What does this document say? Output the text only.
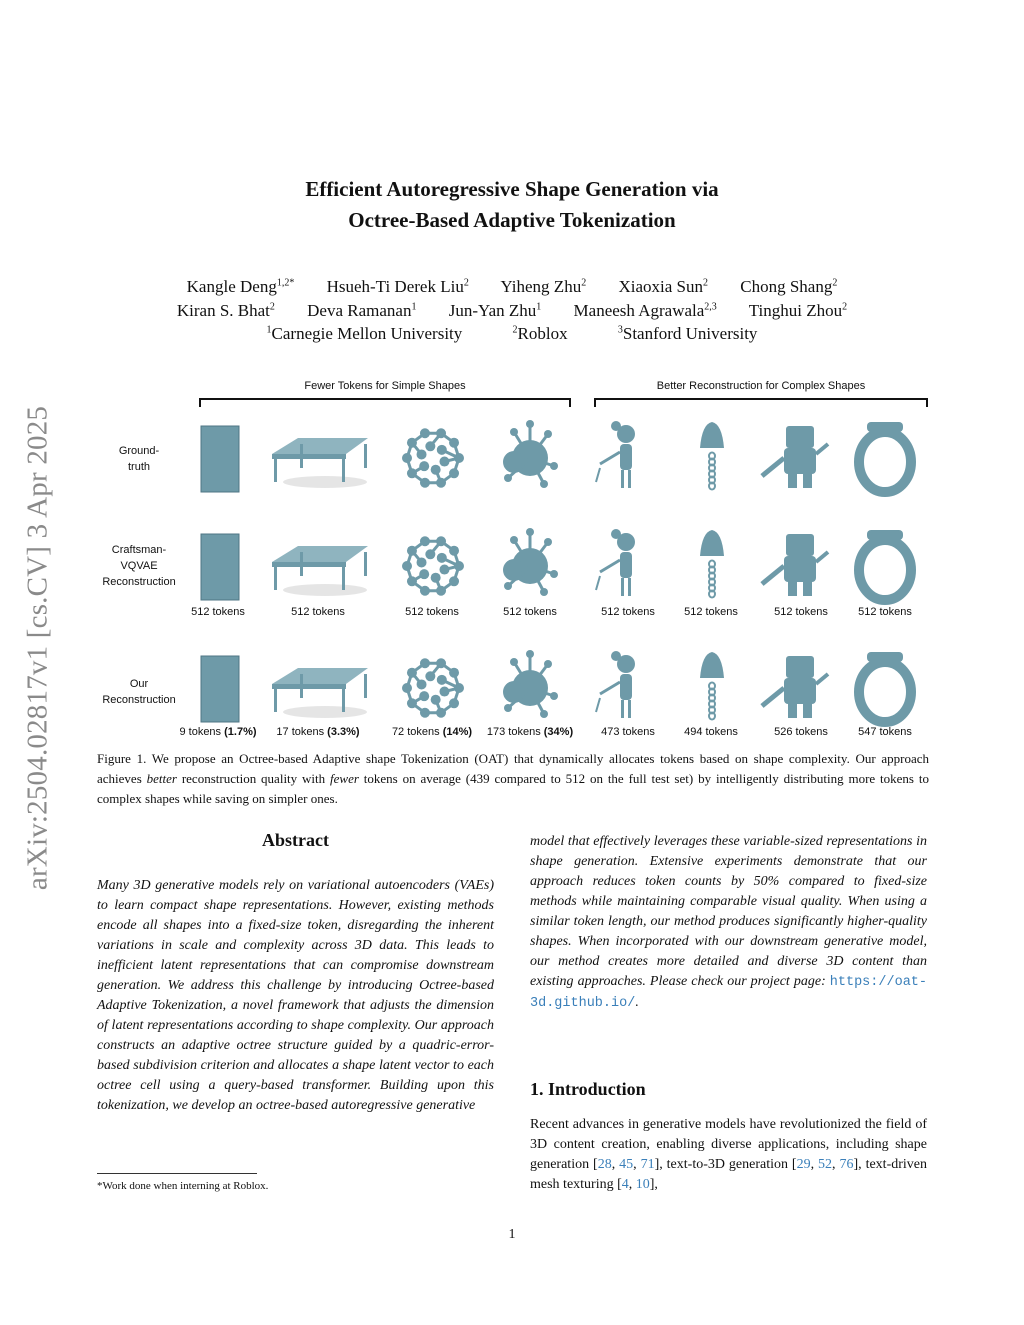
arXiv:2504.02817v1 [cs.CV] 3 Apr 2025
Efficient Autoregressive Shape Generation via
Octree-Based Adaptive Tokenization
Kangle Deng$^{1,2*}$ Hsueh-Ti Derek Liu$^2$ Yiheng Zhu$^2$ Xiaoxia Sun$^2$ Chong Shang$^2$
Kiran S. Bhat$^2$ Deva Ramanan$^1$ Jun-Yan Zhu$^1$ Maneesh Agrawala$^{2,3}$ Tinghui Zhou$^2$
$^1$Carnegie Mellon University	$^2$Roblox	$^3$Stanford University
Fewer Tokens for Simple Shapes	Better Reconstruction for Complex Shapes
Ground-
truth
Craftsman-
VQVAE
Reconstruction
Our
Reconstruction
512 tokens	512 tokens	512 tokens	512 tokens	512 tokens	512 tokens	512 tokens	512 tokens
9 tokens (1.7%)	17 tokens (3.3%)	72 tokens (14%)	173 tokens (34%)	473 tokens	494 tokens	526 tokens	547 tokens
Figure 1. We propose an Octree-based Adaptive shape Tokenization (OAT) that dynamically allocates tokens based on shape complexity. Our approach achieves better reconstruction quality with fewer tokens on average (439 compared to 512 on the full test set) by intelligently distributing more tokens to complex shapes while saving on simpler ones.
Abstract
Many 3D generative models rely on variational autoencoders (VAEs) to learn compact shape representations. However, existing methods encode all shapes into a fixed-size token, disregarding the inherent variations in scale and complexity across 3D data. This leads to inefficient latent representations that can compromise downstream generation. We address this challenge by introducing Octree-based Adaptive Tokenization, a novel framework that adjusts the dimension of latent representations according to shape complexity. Our approach constructs an adaptive octree structure guided by a quadric-error-based subdivision criterion and allocates a shape latent vector to each octree cell using a query-based transformer. Building upon this tokenization, we develop an octree-based autoregressive generative
model that effectively leverages these variable-sized representations in shape generation. Extensive experiments demonstrate that our approach reduces token counts by 50% compared to fixed-size methods while maintaining comparable visual quality. When using a similar token length, our method produces significantly higher-quality shapes. When incorporated with our downstream generative model, our method creates more detailed and diverse 3D content than existing approaches. Please check our project page: https://oat-3d.github.io/.
1. Introduction
Recent advances in generative models have revolutionized the field of 3D content creation, enabling diverse applications, including shape generation [28, 45, 71], text-to-3D generation [29, 52, 76], text-driven mesh texturing [4, 10],
*Work done when interning at Roblox.
1
